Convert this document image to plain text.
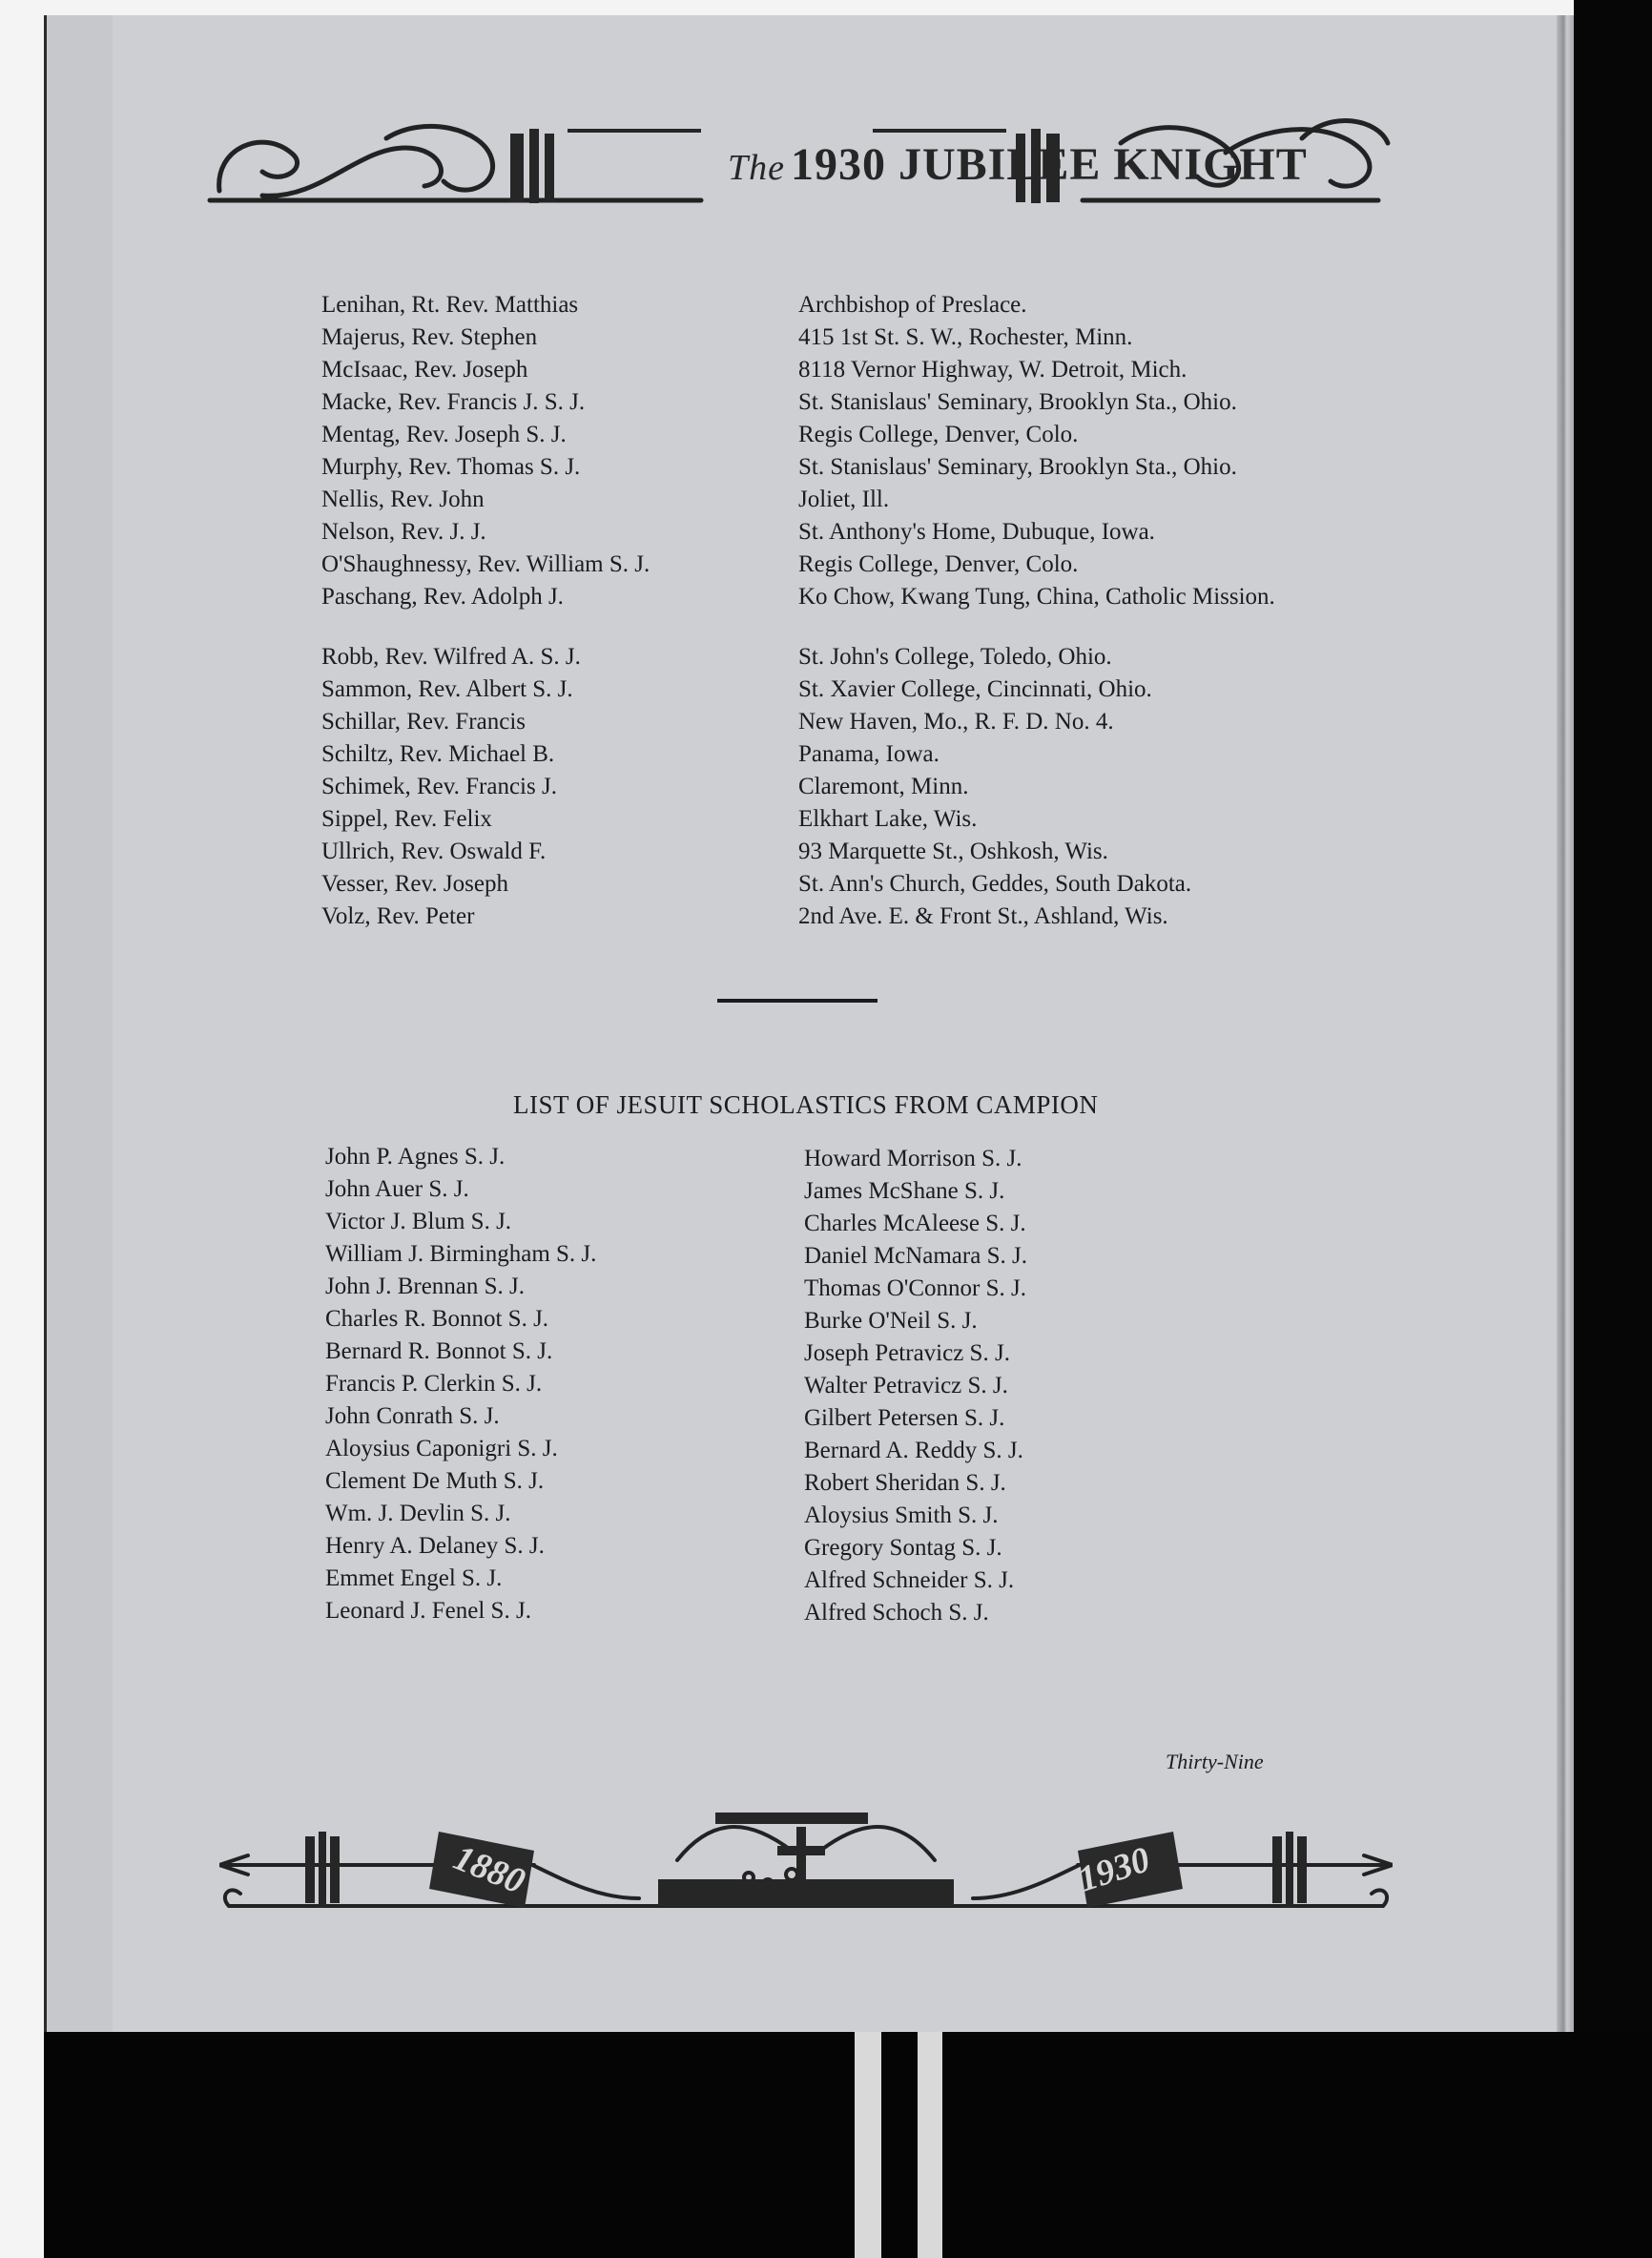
The 1930 JUBILEE KNIGHT
Lenihan, Rt. Rev. Matthias
Majerus, Rev. Stephen
McIsaac, Rev. Joseph
Macke, Rev. Francis J. S. J.
Mentag, Rev. Joseph S. J.
Murphy, Rev. Thomas S. J.
Nellis, Rev. John
Nelson, Rev. J. J.
O'Shaughnessy, Rev. William S. J.
Paschang, Rev. Adolph J.
Robb, Rev. Wilfred A. S. J.
Sammon, Rev. Albert S. J.
Schillar, Rev. Francis
Schiltz, Rev. Michael B.
Schimek, Rev. Francis J.
Sippel, Rev. Felix
Ullrich, Rev. Oswald F.
Vesser, Rev. Joseph
Volz, Rev. Peter
Archbishop of Preslace.
415 1st St. S. W., Rochester, Minn.
8118 Vernor Highway, W. Detroit, Mich.
St. Stanislaus' Seminary, Brooklyn Sta., Ohio.
Regis College, Denver, Colo.
St. Stanislaus' Seminary, Brooklyn Sta., Ohio.
Joliet, Ill.
St. Anthony's Home, Dubuque, Iowa.
Regis College, Denver, Colo.
Ko Chow, Kwang Tung, China, Catholic Mission.
St. John's College, Toledo, Ohio.
St. Xavier College, Cincinnati, Ohio.
New Haven, Mo., R. F. D. No. 4.
Panama, Iowa.
Claremont, Minn.
Elkhart Lake, Wis.
93 Marquette St., Oshkosh, Wis.
St. Ann's Church, Geddes, South Dakota.
2nd Ave. E. & Front St., Ashland, Wis.
LIST OF JESUIT SCHOLASTICS FROM CAMPION
John P. Agnes S. J.
John Auer S. J.
Victor J. Blum S. J.
William J. Birmingham S. J.
John J. Brennan S. J.
Charles R. Bonnot S. J.
Bernard R. Bonnot S. J.
Francis P. Clerkin S. J.
John Conrath S. J.
Aloysius Caponigri S. J.
Clement De Muth S. J.
Wm. J. Devlin S. J.
Henry A. Delaney S. J.
Emmet Engel S. J.
Leonard J. Fenel S. J.
Howard Morrison S. J.
James McShane S. J.
Charles McAleese S. J.
Daniel McNamara S. J.
Thomas O'Connor S. J.
Burke O'Neil S. J.
Joseph Petravicz S. J.
Walter Petravicz S. J.
Gilbert Petersen S. J.
Bernard A. Reddy S. J.
Robert Sheridan S. J.
Aloysius Smith S. J.
Gregory Sontag S. J.
Alfred Schneider S. J.
Alfred Schoch S. J.
Thirty-Nine
1880	1930
